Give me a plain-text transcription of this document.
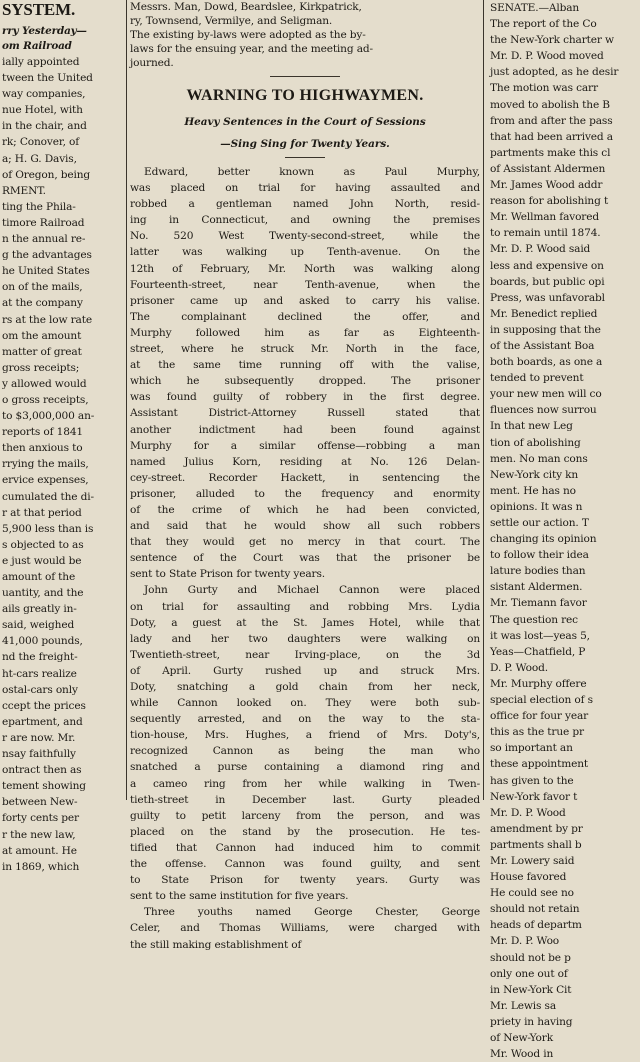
SYSTEM.

rry Yesterday—

om Railroad

ially appointed

tween the United

way companies,

nue Hotel, with

in the chair, and

rk; Conover, of

a; H. G. Davis,

of Oregon, being

RMENT.

ting the Phila-

timore Railroad

n the annual re-

g the advantages

he United States

on of the mails,

at the company

rs at the low rate

om the amount

matter of great

gross receipts;

y allowed would

o gross receipts,

to $3,000,000 an-

reports of 1841

then anxious to

rrying the mails,

ervice expenses,

cumulated the di-

r at that period

5,900 less than is

s objected to as

e just would be

amount of the

uantity, and the

ails greatly in-

said, weighed

41,000 pounds,

nd the freight-

ht-cars realize

ostal-cars only

ccept the prices

epartment, and

r are now. Mr.

nsay faithfully

ontract then as

tement showing

between New-

forty cents per

r the new law,

at amount. He

in 1869, which

Messrs. Man, Dowd, Beardslee, Kirkpatrick,

ry, Townsend, Vermilye, and Seligman.

The existing by-laws were adopted as the by-

laws for the ensuing year, and the meeting ad-

journed.

WARNING TO HIGHWAYMEN.

Heavy Sentences in the Court of Sessions

—Sing Sing for Twenty Years.

Edward, better known as Paul Murphy,

was placed on trial for having assaulted and

robbed a gentleman named John North, resid-

ing in Connecticut, and owning the premises

No. 520 West Twenty-second-street, while the

latter was walking up Tenth-avenue. On the

12th of February, Mr. North was walking along

Fourteenth-street, near Tenth-avenue, when the

prisoner came up and asked to carry his valise.

The complainant declined the offer, and

Murphy followed him as far as Eighteenth-

street, where he struck Mr. North in the face,

at the same time running off with the valise,

which he subsequently dropped. The prisoner

was found guilty of robbery in the first degree.

Assistant District-Attorney Russell stated that

another indictment had been found against

Murphy for a similar offense—robbing a man

named Julius Korn, residing at No. 126 Delan-

cey-street. Recorder Hackett, in sentencing the

prisoner, alluded to the frequency and enormity

of the crime of which he had been convicted,

and said that he would show all such robbers

that they would get no mercy in that court. The

sentence of the Court was that the prisoner be

sent to State Prison for twenty years.

John Gurty and Michael Cannon were placed

on trial for assaulting and robbing Mrs. Lydia

Doty, a guest at the St. James Hotel, while that

lady and her two daughters were walking on

Twentieth-street, near Irving-place, on the 3d

of April. Gurty rushed up and struck Mrs.

Doty, snatching a gold chain from her neck,

while Cannon looked on. They were both sub-

sequently arrested, and on the way to the sta-

tion-house, Mrs. Hughes, a friend of Mrs. Doty's,

recognized Cannon as being the man who

snatched a purse containing a diamond ring and

a cameo ring from her while walking in Twen-

tieth-street in December last. Gurty pleaded

guilty to petit larceny from the person, and was

placed on the stand by the prosecution. He tes-

tified that Cannon had induced him to commit

the offense. Cannon was found guilty, and sent

to State Prison for twenty years. Gurty was

sent to the same institution for five years.

Three youths named George Chester, George

Celer, and Thomas Williams, were charged with

the still making establishment of

SENATE.—Alban

The report of the Co

the New-York charter w

Mr. D. P. Wood moved

just adopted, as he desir

The motion was carr

moved to abolish the B

from and after the pass

that had been arrived a

partments make this cl

of Assistant Aldermen

Mr. James Wood addr

reason for abolishing t

Mr. Wellman favored

to remain until 1874.

Mr. D. P. Wood said

less and expensive on

boards, but public opi

Press, was unfavorabl

Mr. Benedict replied

in supposing that the

of the Assistant Boa

both boards, as one a

tended to prevent

your new men will co

fluences now surrou

In that new Leg

tion of abolishing

men. No man cons

New-York city kn

ment. He has no

opinions. It was n

settle our action. T

changing its opinion

to follow their idea

lature bodies than

sistant Aldermen.

Mr. Tiemann favor

The question rec

it was lost—yeas 5,

Yeas—Chatfield, P

D. P. Wood.

Mr. Murphy offere

special election of s

office for four year

this as the true pr

so important an

these appointment

has given to the

New-York favor t

Mr. D. P. Wood

amendment by pr

partments shall b

Mr. Lowery said

House favored

He could see no

should not retain

heads of departm

Mr. D. P. Woo

should not be p

only one out of

in New-York Cit

Mr. Lewis sa

priety in having

of New-York

Mr. Wood in
